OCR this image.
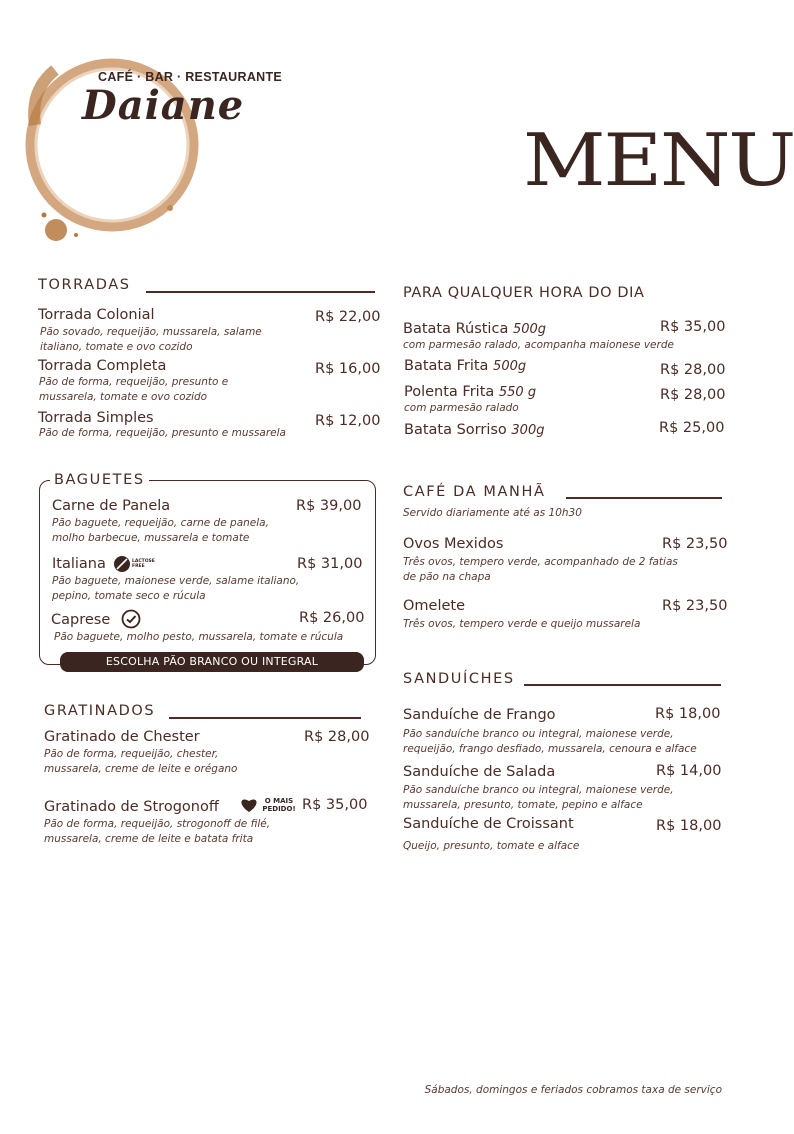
CAFÉ · BAR · RESTAURANTE
Daiane
MENU
TORRADAS
Torrada Colonial	R$ 22,00
Pão sovado, requeijão, mussarela, salame italiano, tomate e ovo cozido
Torrada Completa	R$ 16,00
Pão de forma, requeijão, presunto e mussarela, tomate e ovo cozido
Torrada Simples	R$ 12,00
Pão de forma, requeijão, presunto e mussarela
BAGUETES
Carne de Panela	R$ 39,00
Pão baguete, requeijão, carne de panela, molho barbecue, mussarela e tomate
Italiana	LACTOSE FREE	R$ 31,00
Pão baguete, maionese verde, salame italiano, pepino, tomate seco e rúcula
Caprese	R$ 26,00
Pão baguete, molho pesto, mussarela, tomate e rúcula
ESCOLHA PÃO BRANCO OU INTEGRAL
GRATINADOS
Gratinado de Chester	R$ 28,00
Pão de forma, requeijão, chester, mussarela, creme de leite e orégano
Gratinado de Strogonoff	O MAIS PEDIDO! R$ 35,00
Pão de forma, requeijão, strogonoff de filé, mussarela, creme de leite e batata frita
PARA QUALQUER HORA DO DIA
Batata Rústica 500g	R$ 35,00
com parmesão ralado, acompanha maionese verde
Batata Frita 500g	R$ 28,00
Polenta Frita 550 g	R$ 28,00
com parmesão ralado
Batata Sorriso 300g	R$ 25,00
CAFÉ DA MANHÃ
Servido diariamente até as 10h30
Ovos Mexidos	R$ 23,50
Três ovos, tempero verde, acompanhado de 2 fatias de pão na chapa
Omelete	R$ 23,50
Três ovos, tempero verde e queijo mussarela
SANDUÍCHES
Sanduíche de Frango	R$ 18,00
Pão sanduíche branco ou integral, maionese verde, requeijão, frango desfiado, mussarela, cenoura e alface
Sanduíche de Salada	R$ 14,00
Pão sanduíche branco ou integral, maionese verde, mussarela, presunto, tomate, pepino e alface
Sanduíche de Croissant	R$ 18,00
Queijo, presunto, tomate e alface
Sábados, domingos e feriados cobramos taxa de serviço
